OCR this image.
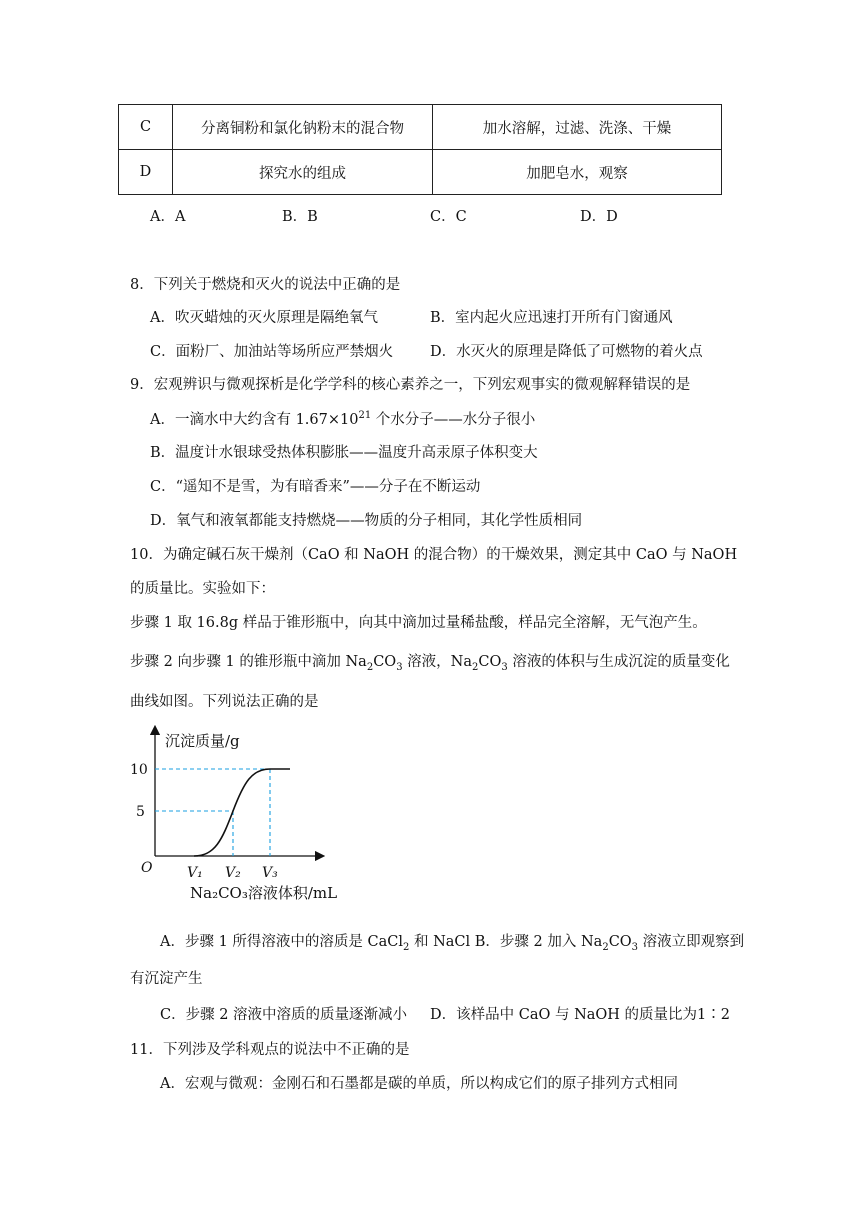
C	分离铜粉和氯化钠粉末的混合物	加水溶解，过滤、洗涤、干燥
D	探究水的组成	加肥皂水，观察
A．A	B．B	C．C	D．D
8．下列关于燃烧和灭火的说法中正确的是
A．吹灭蜡烛的灭火原理是隔绝氧气	B．室内起火应迅速打开所有门窗通风
C．面粉厂、加油站等场所应严禁烟火	D．水灭火的原理是降低了可燃物的着火点
9．宏观辨识与微观探析是化学学科的核心素养之一，下列宏观事实的微观解释错误的是
A．一滴水中大约含有 $1.67\times 10^{21}$ 个水分子——水分子很小
B．温度计水银球受热体积膨胀——温度升高汞原子体积变大
C．“遥知不是雪，为有暗香来”——分子在不断运动
D．氧气和液氧都能支持燃烧——物质的分子相同，其化学性质相同
10．为确定碱石灰干燥剂（CaO 和 NaOH 的混合物）的干燥效果，测定其中 CaO 与 NaOH
的质量比。实验如下：
步骤 1 取 16.8g 样品于锥形瓶中，向其中滴加过量稀盐酸，样品完全溶解，无气泡产生。
步骤 2 向步骤 1 的锥形瓶中滴加 $Na_2CO_3$ 溶液，$Na_2CO_3$ 溶液的体积与生成沉淀的质量变化
曲线如图。下列说法正确的是
沉淀质量/g
O
10
5
V₁ V₂ V₃
Na₂CO₃溶液体积/mL
A．步骤 1 所得溶液中的溶质是 CaCl$_2$ 和 NaCl B．步骤 2 加入 $Na_2CO_3$ 溶液立即观察到
有沉淀产生
C．步骤 2 溶液中溶质的质量逐渐减小 D．该样品中 CaO 与 NaOH 的质量比为1∶2
11．下列涉及学科观点的说法中不正确的是
A．宏观与微观：金刚石和石墨都是碳的单质，所以构成它们的原子排列方式相同
